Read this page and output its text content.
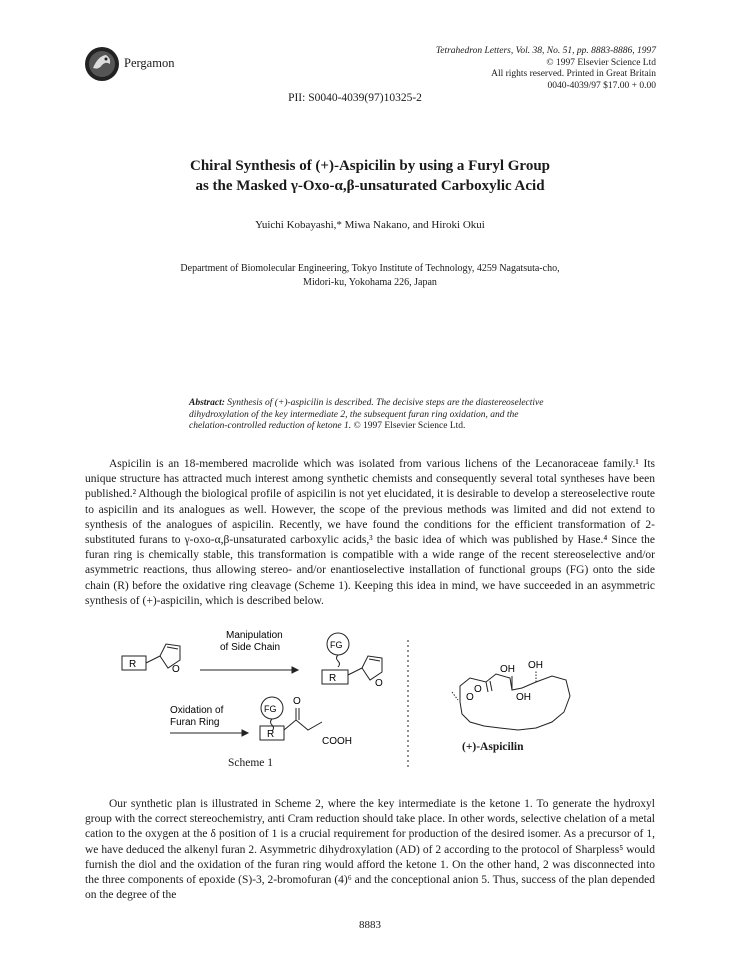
Pergamon
Tetrahedron Letters, Vol. 38, No. 51, pp. 8883-8886, 1997
© 1997 Elsevier Science Ltd
All rights reserved. Printed in Great Britain
0040-4039/97 $17.00 + 0.00
PII: S0040-4039(97)10325-2
Chiral Synthesis of (+)-Aspicilin by using a Furyl Group
as the Masked γ-Oxo-α,β-unsaturated Carboxylic Acid
Yuichi Kobayashi,* Miwa Nakano, and Hiroki Okui
Department of Biomolecular Engineering, Tokyo Institute of Technology, 4259 Nagatsuta-cho,
Midori-ku, Yokohama 226, Japan
Abstract: Synthesis of (+)-aspicilin is described. The decisive steps are the diastereoselective dihydroxylation of the key intermediate 2, the subsequent furan ring oxidation, and the chelation-controlled reduction of ketone 1. © 1997 Elsevier Science Ltd.

Aspicilin is an 18-membered macrolide which was isolated from various lichens of the Lecanoraceae family.¹ Its unique structure has attracted much interest among synthetic chemists and consequently several total syntheses have been published.² Although the biological profile of aspicilin is not yet elucidated, it is desirable to develop a stereoselective route to aspicilin and its analogues as well. However, the scope of the previous methods was limited and did not extend to synthesis of the analogues of aspicilin. Recently, we have found the conditions for the efficient transformation of 2-substituted furans to γ-oxo-α,β-unsaturated carboxylic acids,³ the basic idea of which was published by Hase.⁴ Since the furan ring is chemically stable, this transformation is compatible with a wide range of the recent stereoselective and/or asymmetric reactions, thus allowing stereo- and/or enantioselective installation of functional groups (FG) onto the side chain (R) before the oxidative ring cleavage (Scheme 1). Keeping this idea in mind, we have succeeded in an asymmetric synthesis of (+)-aspicilin, which is described below.

R	O
Manipulation
of Side Chain	FG
R	O
Oxidation of
Furan Ring
FG
R
O
COOH
OH OH
O
O	OH
Scheme 1
(+)-Aspicilin

Our synthetic plan is illustrated in Scheme 2, where the key intermediate is the ketone 1. To generate the hydroxyl group with the correct stereochemistry, anti Cram reduction should take place. In other words, selective chelation of a metal cation to the oxygen at the δ position of 1 is a crucial requirement for production of the desired isomer. As a precursor of 1, we have deduced the alkenyl furan 2. Asymmetric dihydroxylation (AD) of 2 according to the protocol of Sharpless⁵ would furnish the diol and the oxidation of the furan ring would afford the ketone 1. On the other hand, 2 was disconnected into the three components of epoxide (S)-3, 2-bromofuran (4)⁶ and the conceptional anion 5. Thus, success of the plan depended on the degree of the

8883
